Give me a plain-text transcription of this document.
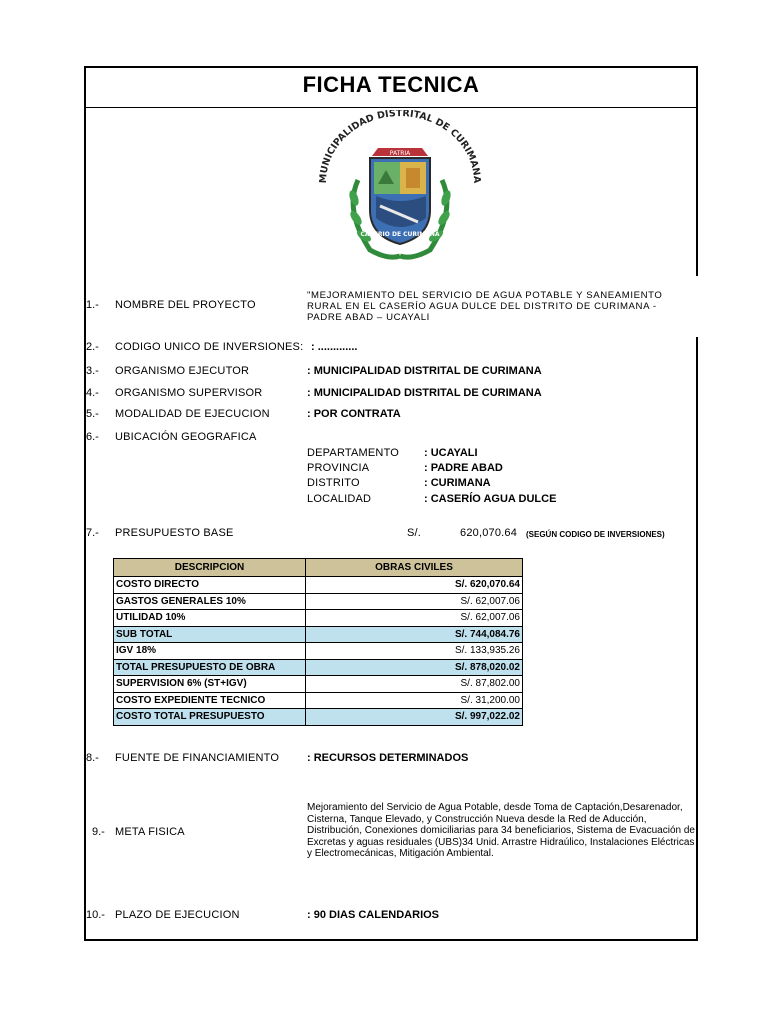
FICHA TECNICA
MUNICIPALIDAD DISTRITAL DE CURIMANA
PATRIA
CASERIO DE CURIMANA
1.- NOMBRE DEL PROYECTO
"MEJORAMIENTO DEL SERVICIO DE AGUA POTABLE Y SANEAMIENTO RURAL EN EL CASERÍO AGUA DULCE DEL DISTRITO DE CURIMANA - PADRE ABAD – UCAYALI
2.- CODIGO UNICO DE INVERSIONES: : .............
3.- ORGANISMO EJECUTOR	: MUNICIPALIDAD DISTRITAL DE CURIMANA
4.- ORGANISMO SUPERVISOR	: MUNICIPALIDAD DISTRITAL DE CURIMANA
5.- MODALIDAD DE EJECUCION	: POR CONTRATA
6.- UBICACIÓN GEOGRAFICA
DEPARTAMENTO : UCAYALI
PROVINCIA	: PADRE ABAD
DISTRITO	: CURIMANA
LOCALIDAD	: CASERÍO AGUA DULCE
7.- PRESUPUESTO BASE	S/.	620,070.64 (SEGÚN CODIGO DE INVERSIONES)
DESCRIPCION	OBRAS CIVILES
COSTO DIRECTO	S/. 620,070.64
GASTOS GENERALES 10%	S/. 62,007.06
UTILIDAD 10%	S/. 62,007.06
SUB TOTAL	S/. 744,084.76
IGV 18%	S/. 133,935.26
TOTAL PRESUPUESTO DE OBRA	S/. 878,020.02
SUPERVISION 6% (ST+IGV)	S/. 87,802.00
COSTO EXPEDIENTE TECNICO	S/. 31,200.00
COSTO TOTAL PRESUPUESTO	S/. 997,022.02
8.- FUENTE DE FINANCIAMIENTO	: RECURSOS DETERMINADOS
9.- META FISICA
Mejoramiento del Servicio de Agua Potable, desde Toma de Captación,Desarenador, Cisterna, Tanque Elevado, y Construcción Nueva desde la Red de Aducción, Distribución, Conexiones domiciliarias para 34 beneficiarios, Sistema de Evacuación de Excretas y aguas residuales (UBS)34 Unid. Arrastre Hidraúlico, Instalaciones Eléctricas y Electromecánicas, Mitigación Ambiental.
10.- PLAZO DE EJECUCION	: 90 DIAS CALENDARIOS
